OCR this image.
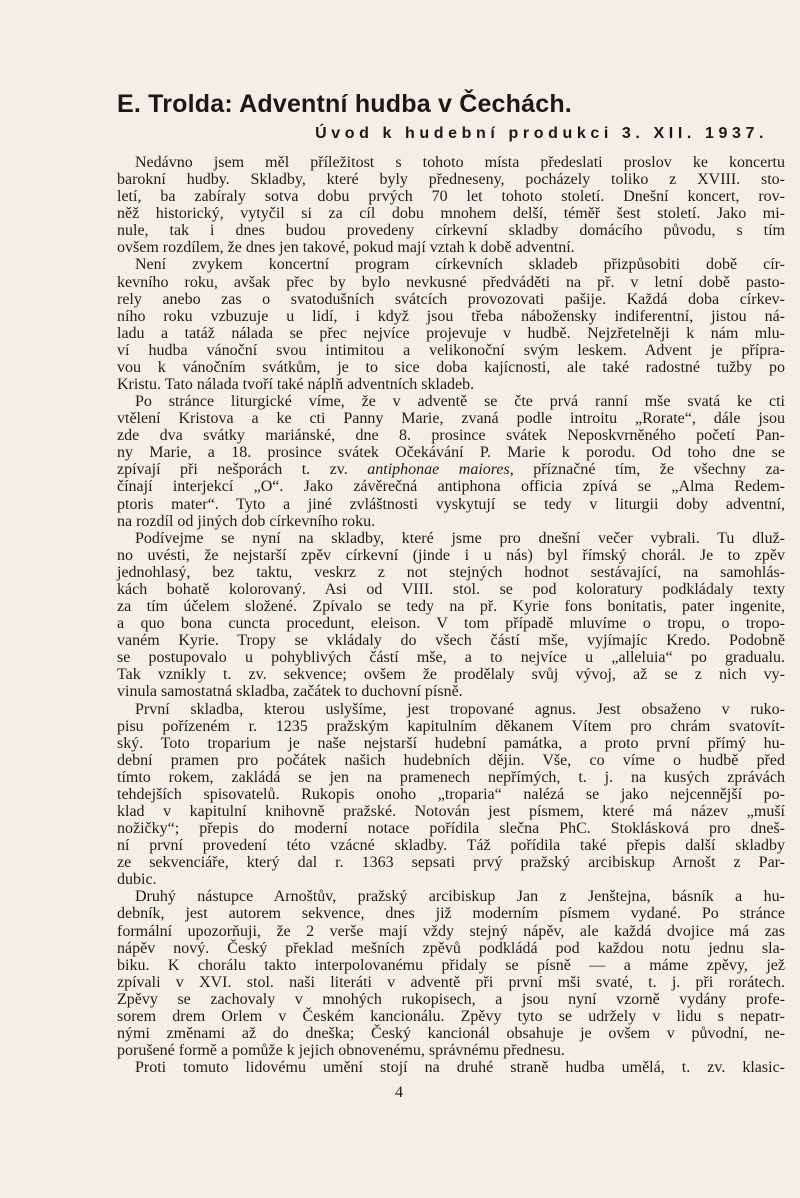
E. Trolda: Adventní hudba v Čechách.
Úvod k hudební produkci 3. XII. 1937.
Nedávno jsem měl příležitost s tohoto místa předeslati proslov ke koncertu
barokní hudby. Skladby, které byly předneseny, pocházely toliko z XVIII. sto-
letí, ba zabíraly sotva dobu prvých 70 let tohoto století. Dnešní koncert, rov-
něž historický, vytyčil si za cíl dobu mnohem delší, téměř šest století. Jako mi-
nule, tak i dnes budou provedeny církevní skladby domácího původu, s tím
ovšem rozdílem, že dnes jen takové, pokud mají vztah k době adventní.
Není zvykem koncertní program církevních skladeb přizpůsobiti době cír-
kevního roku, avšak přec by bylo nevkusné předváděti na př. v letní době pasto-
rely anebo zas o svatodušních svátcích provozovati pašije. Každá doba církev-
ního roku vzbuzuje u lidí, i když jsou třeba nábožensky indiferentní, jistou ná-
ladu a tatáž nálada se přec nejvíce projevuje v hudbě. Nejzřetelněji k nám mlu-
ví hudba vánoční svou intimitou a velikonoční svým leskem. Advent je přípra-
vou k vánočním svátkům, je to sice doba kajícnosti, ale také radostné tužby po
Kristu. Tato nálada tvoří také náplň adventních skladeb.
Po stránce liturgické víme, že v adventě se čte prvá ranní mše svatá ke cti
vtělení Kristova a ke cti Panny Marie, zvaná podle introitu „Rorate“, dále jsou
zde dva svátky mariánské, dne 8. prosince svátek Neposkvrněného početí Pan-
ny Marie, a 18. prosince svátek Očekávání P. Marie k porodu. Od toho dne se
zpívají při nešporách t. zv. antiphonae maiores, příznačné tím, že všechny za-
čínají interjekcí „O“. Jako závěrečná antiphona officia zpívá se „Alma Redem-
ptoris mater“. Tyto a jiné zvláštnosti vyskytují se tedy v liturgii doby adventní,
na rozdíl od jiných dob církevního roku.
Podívejme se nyní na skladby, které jsme pro dnešní večer vybrali. Tu dluž-
no uvésti, že nejstarší zpěv církevní (jinde i u nás) byl římský chorál. Je to zpěv
jednohlasý, bez taktu, veskrz z not stejných hodnot sestávající, na samohlás-
kách bohatě kolorovaný. Asi od VIII. stol. se pod koloratury podkládaly texty
za tím účelem složené. Zpívalo se tedy na př. Kyrie fons bonitatis, pater ingenite,
a quo bona cuncta procedunt, eleison. V tom případě mluvíme o tropu, o tropo-
vaném Kyrie. Tropy se vkládaly do všech částí mše, vyjímajíc Kredo. Podobně
se postupovalo u pohyblivých částí mše, a to nejvíce u „alleluia“ po gradualu.
Tak vznikly t. zv. sekvence; ovšem že prodělaly svůj vývoj, až se z nich vy-
vinula samostatná skladba, začátek to duchovní písně.
První skladba, kterou uslyšíme, jest tropované agnus. Jest obsaženo v ruko-
pisu pořízeném r. 1235 pražským kapitulním děkanem Vítem pro chrám svatovít-
ský. Toto troparium je naše nejstarší hudební památka, a proto první přímý hu-
dební pramen pro počátek našich hudebních dějin. Vše, co víme o hudbě před
tímto rokem, zakládá se jen na pramenech nepřímých, t. j. na kusých zprávách
tehdejších spisovatelů. Rukopis onoho „troparia“ nalézá se jako nejcennější po-
klad v kapitulní knihovně pražské. Notován jest písmem, které má název „muší
nožičky“; přepis do moderní notace pořídila slečna PhC. Stoklásková pro dneš-
ní první provedení této vzácné skladby. Táž pořídila také přepis další skladby
ze sekvenciáře, který dal r. 1363 sepsati prvý pražský arcibiskup Arnošt z Par-
dubic.
Druhý nástupce Arnoštův, pražský arcibiskup Jan z Jenštejna, básník a hu-
debník, jest autorem sekvence, dnes již moderním písmem vydané. Po stránce
formální upozorňuji, že 2 verše mají vždy stejný nápěv, ale každá dvojice má zas
nápěv nový. Český překlad mešních zpěvů podkládá pod každou notu jednu sla-
biku. K chorálu takto interpolovanému přidaly se písně — a máme zpěvy, jež
zpívali v XVI. stol. naši literáti v adventě při první mši svaté, t. j. při rorátech.
Zpěvy se zachovaly v mnohých rukopisech, a jsou nyní vzorně vydány profe-
sorem drem Orlem v Českém kancionálu. Zpěvy tyto se udržely v lidu s nepatr-
nými změnami až do dneška; Český kancionál obsahuje je ovšem v původní, ne-
porušené formě a pomůže k jejich obnovenému, správnému přednesu.
Proti tomuto lidovému umění stojí na druhé straně hudba umělá, t. zv. klasic-
4
